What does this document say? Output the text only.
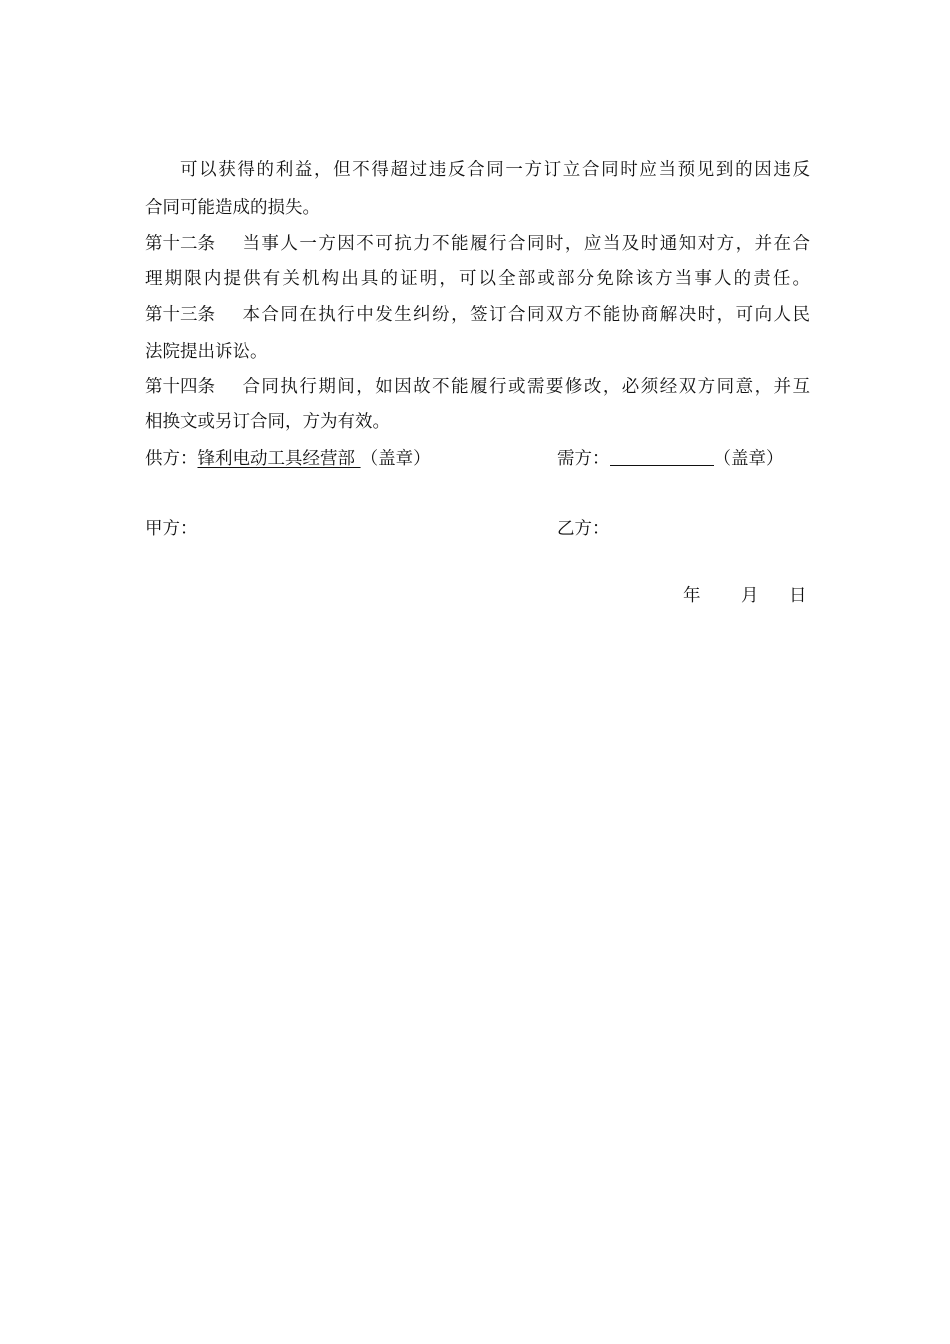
可以获得的利益，但不得超过违反合同一方订立合同时应当预见到的因违反
合同可能造成的损失。
第十二条 当事人一方因不可抗力不能履行合同时，应当及时通知对方，并在合
理期限内提供有关机构出具的证明，可以全部或部分免除该方当事人的责任。
第十三条 本合同在执行中发生纠纷，签订合同双方不能协商解决时，可向人民
法院提出诉讼。
第十四条 合同执行期间，如因故不能履行或需要修改，必须经双方同意，并互
相换文或另订合同，方为有效。
供方：锋利电动工具经营部 （盖章）	需方：	（盖章）
甲方：	乙方：
年 月 日
